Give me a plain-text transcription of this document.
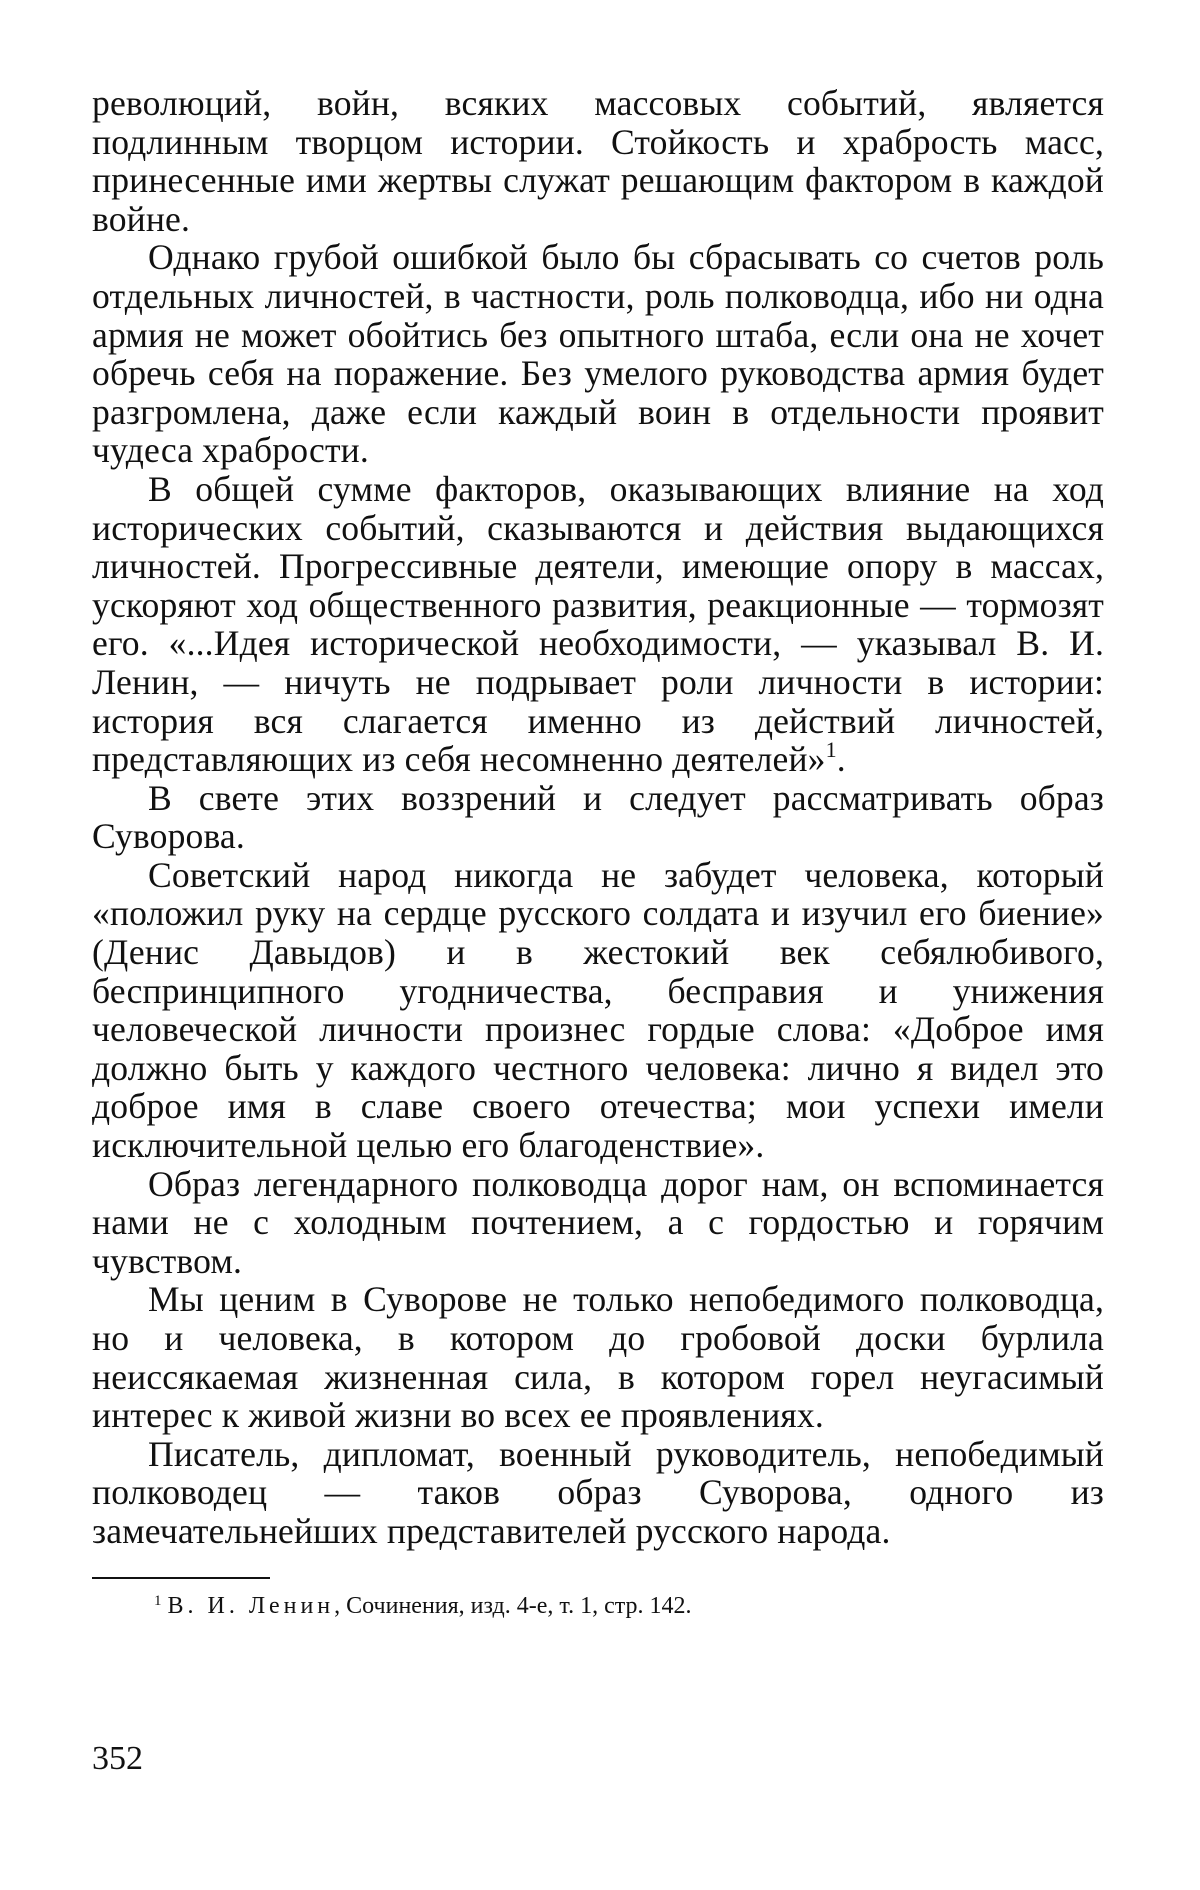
революций, войн, всяких массовых событий, является подлинным творцом истории. Стойкость и храбрость масс, принесенные ими жертвы служат решающим фактором в каждой войне.

Однако грубой ошибкой было бы сбрасывать со счетов роль отдельных личностей, в частности, роль полководца, ибо ни одна армия не может обойтись без опытного штаба, если она не хочет обречь себя на поражение. Без умелого руководства армия будет разгромлена, даже если каждый воин в отдельности проявит чудеса храбрости.

В общей сумме факторов, оказывающих влияние на ход исторических событий, сказываются и действия выдающихся личностей. Прогрессивные деятели, имеющие опору в массах, ускоряют ход общественного развития, реакционные — тормозят его. «...Идея исторической необходимости, — указывал В. И. Ленин, — ничуть не подрывает роли личности в истории: история вся слагается именно из действий личностей, представляющих из себя несомненно деятелей»$^1$.

В свете этих воззрений и следует рассматривать образ Суворова.

Советский народ никогда не забудет человека, который «положил руку на сердце русского солдата и изучил его биение» (Денис Давыдов) и в жестокий век себялюбивого, беспринципного угодничества, бесправия и унижения человеческой личности произнес гордые слова: «Доброе имя должно быть у каждого честного человека: лично я видел это доброе имя в славе своего отечества; мои успехи имели исключительной целью его благоденствие».

Образ легендарного полководца дорог нам, он вспоминается нами не с холодным почтением, а с гордостью и горячим чувством.

Мы ценим в Суворове не только непобедимого полководца, но и человека, в котором до гробовой доски бурлила неиссякаемая жизненная сила, в котором горел неугасимый интерес к живой жизни во всех ее проявлениях.

Писатель, дипломат, военный руководитель, непобедимый полководец — таков образ Суворова, одного из замечательнейших представителей русского народа.

$^1$ В. И. Ленин, Сочинения, изд. 4-е, т. 1, стр. 142.
352
